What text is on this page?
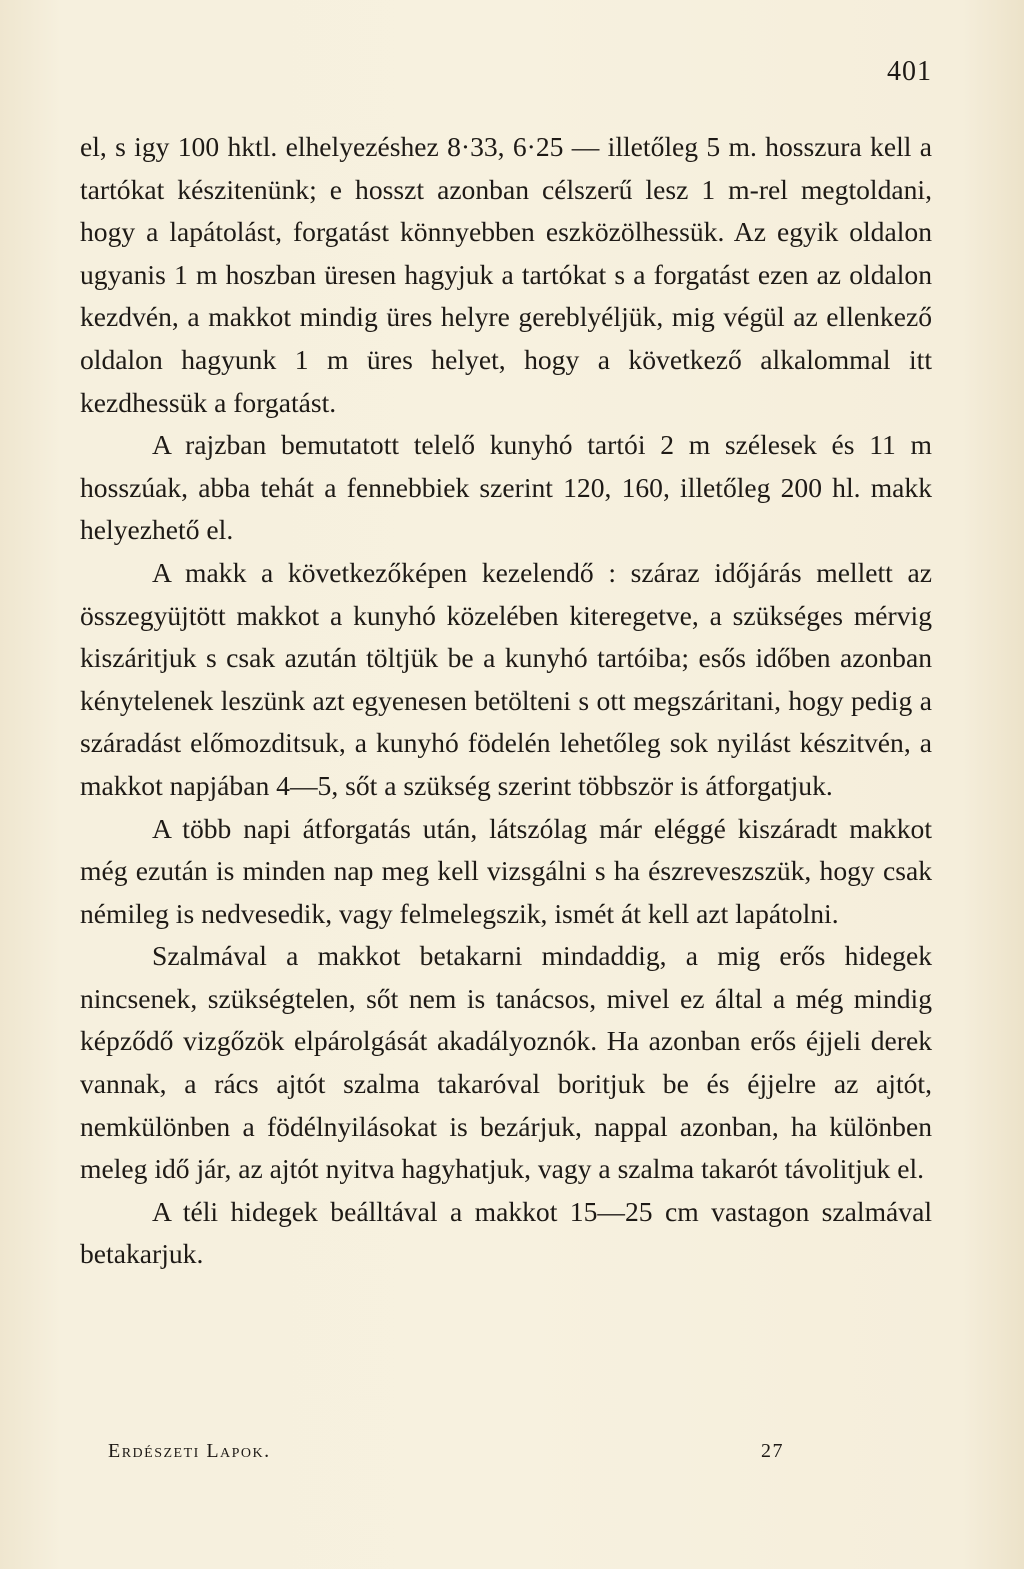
401

el, s igy 100 hktl. elhelyezéshez 8·33, 6·25 — illetőleg 5 m. hosszura kell a tartókat készitenünk; e hosszt azonban célszerű lesz 1 m-rel megtoldani, hogy a lapátolást, forgatást könnyebben eszközölhessük. Az egyik oldalon ugyanis 1 m hoszban üresen hagyjuk a tartókat s a forgatást ezen az oldalon kezdvén, a makkot mindig üres helyre gereblyéljük, mig végül az ellenkező oldalon hagyunk 1 m üres helyet, hogy a következő alkalommal itt kezdhessük a forgatást.

A rajzban bemutatott telelő kunyhó tartói 2 m szélesek és 11 m hosszúak, abba tehát a fennebbiek szerint 120, 160, illetőleg 200 hl. makk helyezhető el.

A makk a következőképen kezelendő : száraz időjárás mellett az összegyüjtött makkot a kunyhó közelében kiteregetve, a szükséges mérvig kiszáritjuk s csak azután töltjük be a kunyhó tartóiba; esős időben azonban kénytelenek leszünk azt egyenesen betölteni s ott megszáritani, hogy pedig a száradást előmozditsuk, a kunyhó födelén lehetőleg sok nyilást készitvén, a makkot napjában 4—5, sőt a szükség szerint többször is átforgatjuk.

A több napi átforgatás után, látszólag már eléggé kiszáradt makkot még ezután is minden nap meg kell vizsgálni s ha észreveszszük, hogy csak némileg is nedvesedik, vagy felmelegszik, ismét át kell azt lapátolni.

Szalmával a makkot betakarni mindaddig, a mig erős hidegek nincsenek, szükségtelen, sőt nem is tanácsos, mivel ez által a még mindig képződő vizgőzök elpárolgását akadályoznók. Ha azonban erős éjjeli derek vannak, a rács ajtót szalma takaróval boritjuk be és éjjelre az ajtót, nemkülönben a födélnyilásokat is bezárjuk, nappal azonban, ha különben meleg idő jár, az ajtót nyitva hagyhatjuk, vagy a szalma takarót távolitjuk el.

A téli hidegek beálltával a makkot 15—25 cm vastagon szalmával betakarjuk.

Erdészeti Lapok.	27
